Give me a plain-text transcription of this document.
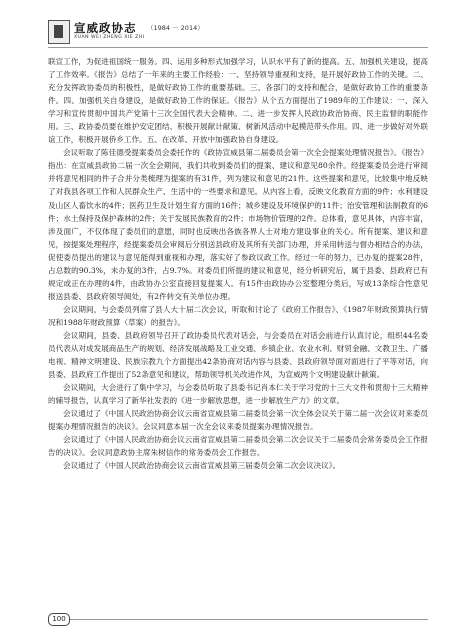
宣威政协志 （1984 － 2014）
XUAN WEI ZHENG XIE ZHI

联宣工作，为促进祖国统一服务。四、运用多种形式加强学习，认识水平有了新的提高。五、加强机关建设，提高了工作效率。《报告》总结了一年来的主要工作经验：一、坚持领导重视和支持，是开展好政协工作的关键。二、充分发挥政协委员的积极性，是做好政协工作的重要基础。三、各部门的支持和配合，是做好政协工作的重要条件。四、加强机关自身建设，是做好政协工作的保证。《报告》从个五方面提出了1989年的工作建议：一、深入学习和宣传贯彻中国共产党第十三次全国代表大会精神。二、进一步发挥人民政协政治协商、民主监督的职能作用。三、政协委员要在维护安定团结、积极开展献计献策、树新风活动中起模范带头作用。四、进一步做好对外联谊工作，积极开展侨乡工作。五、在改革、开放中加强政协自身建设。

会议听取了陈佳德受提案委员会委托作的《政协宣威县第二届委员会第一次全会提案处理情况报告》。《报告》指出：在宣威县政协二届一次全会期间，我们共收到委员们的提案、建议和意见80余件。经提案委员会进行审阅并将意见相同的件子合并分类梳理为提案的有31件，列为建议和意见的21件。这些提案和意见，比较集中地反映了对我县各项工作和人民群众生产、生活中的一些要求和意见。从内容上看，反映文化教育方面的9件；水利建设及山区人畜饮水的4件；医药卫生及计划生育方面的16件；城乡建设及环境保护的11件；治安管理和法制教育的6件；水土保持及保护森林的2件；关于发展民族教育的2件；市场物价管理的2件。总体看，意见具体，内容丰富，涉及面广，不仅体现了委员们的意愿，同时也反映出各族各界人士对地方建设事业的关心。所有提案、建议和意见，按提案处理程序，经提案委员会审阅后分别送县政府及其所有关部门办理，并采用转送与督办相结合的办法，促使委员提出的建议与意见能得到重视和办理，落实好了参政议政工作。经过一年的努力，已办复的提案28件，占总数的90.3%，未办复的3件，占9.7%。对委员们所提的建议和意见，经分析研究后，属于县委、县政府已有规定或正在办理的4件，由政协办公室直接回复提案人。有15件由政协办公室整理分类后，写成13条综合性意见报送县委、县政府领导阅处，有2件转交有关单位办理。

会议期间，与会委员列席了县人大十届二次会议，听取和讨论了《政府工作报告》、《1987年财政预算执行情况和1988年财政预算（草案）的报告》。

会议期间，县委、县政府领导召开了政协委员代表对话会，与会委员在对话会前进行认真讨论，组织44名委员代表从对成发展商品生产的规划、经济发展战略及工业交通、乡镇企业、农业水利、财贸金融、文教卫生、广播电视、精神文明建设、民族宗教九个方面提出42条协商对话内容与县委、县政府领导面对面进行了平等对话，向县委、县政府工作提出了52条意见和建议，帮助领导机关改进作风，为宣威两个文明建设献计献策。

会议期间，大会进行了集中学习，与会委员听取了县委书记肖本仁关于学习党的十三大文件和贯彻十三大精神的辅导报告，认真学习了新华社发表的《进一步解放思想，进一步解放生产力》的文章。

会议通过了《中国人民政治协商会议云南省宣威县第二届委员会第一次全体会议关于第二届一次会议对来委员提案办理情况报告的决议》。会议同意本届一次全会议来委员提案办理情况报告。

会议通过了《中国人民政治协商会议云南省宣威县第二届委员会第二次会议关于二届委员会常务委员会工作报告的决议》。会议同意政协主席朱树信作的常务委员会工作报告。

会议通过了《中国人民政治协商会议云南省宣威县第三届委员会第二次会议决议》。

100
